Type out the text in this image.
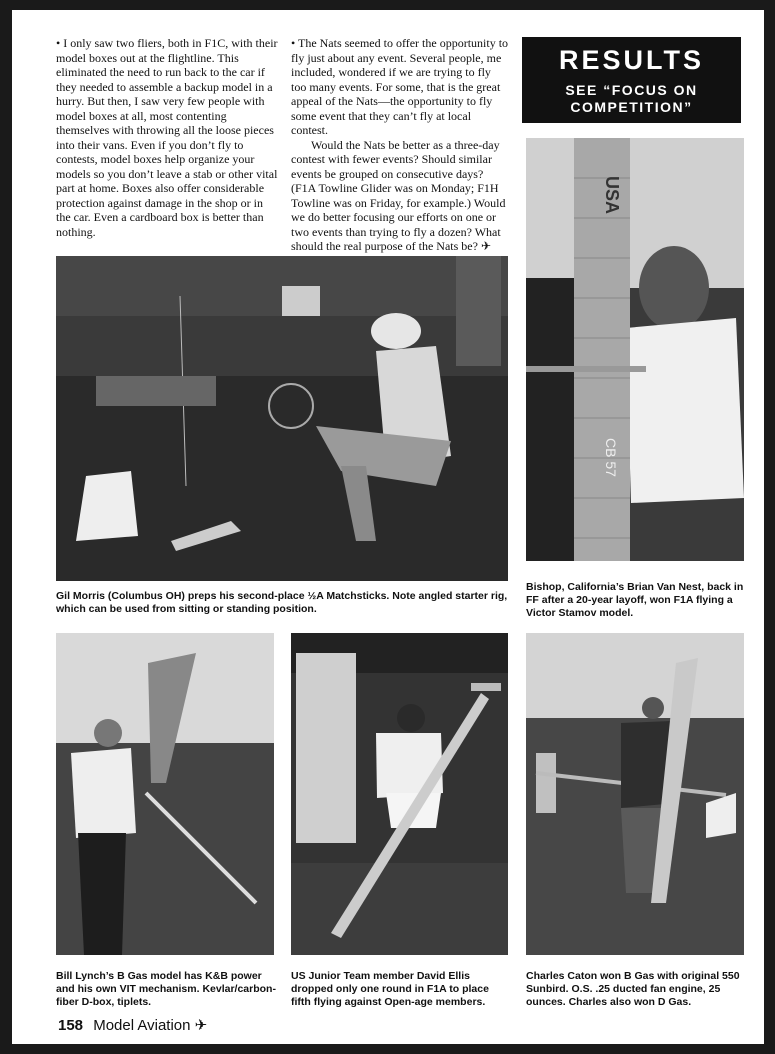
• I only saw two fliers, both in F1C, with their model boxes out at the flightline. This eliminated the need to run back to the car if they needed to assemble a backup model in a hurry. But then, I saw very few people with model boxes at all, most contenting themselves with throwing all the loose pieces into their vans. Even if you don’t fly to contests, model boxes help organize your models so you don’t leave a stab or other vital part at home. Boxes also offer considerable protection against damage in the shop or in the car. Even a cardboard box is better than nothing.

• The Nats seemed to offer the opportunity to fly just about any event. Several people, me included, wondered if we are trying to fly too many events. For some, that is the great appeal of the Nats—the opportunity to fly some event that they can’t fly at local contest.

Would the Nats be better as a three-day contest with fewer events? Should similar events be grouped on consecutive days? (F1A Towline Glider was on Monday; F1H Towline was on Friday, for example.) Would we do better focusing our efforts on one or two events than trying to fly a dozen? What should the real purpose of the Nats be? ✈

RESULTS
SEE “FOCUS ON
COMPETITION”
USA
CB 57
Gil Morris (Columbus OH) preps his second-place ½A Matchsticks. Note angled starter rig, which can be used from sitting or standing position.
Bishop, California’s Brian Van Nest, back in FF after a 20-year layoff, won F1A flying a Victor Stamov model.
Bill Lynch’s B Gas model has K&B power and his own VIT mechanism. Kevlar/carbon-fiber D-box, tiplets.
US Junior Team member David Ellis dropped only one round in F1A to place fifth flying against Open-age members.
Charles Caton won B Gas with original 550 Sunbird. O.S. .25 ducted fan engine, 25 ounces. Charles also won D Gas.
158 Model Aviation ✈
